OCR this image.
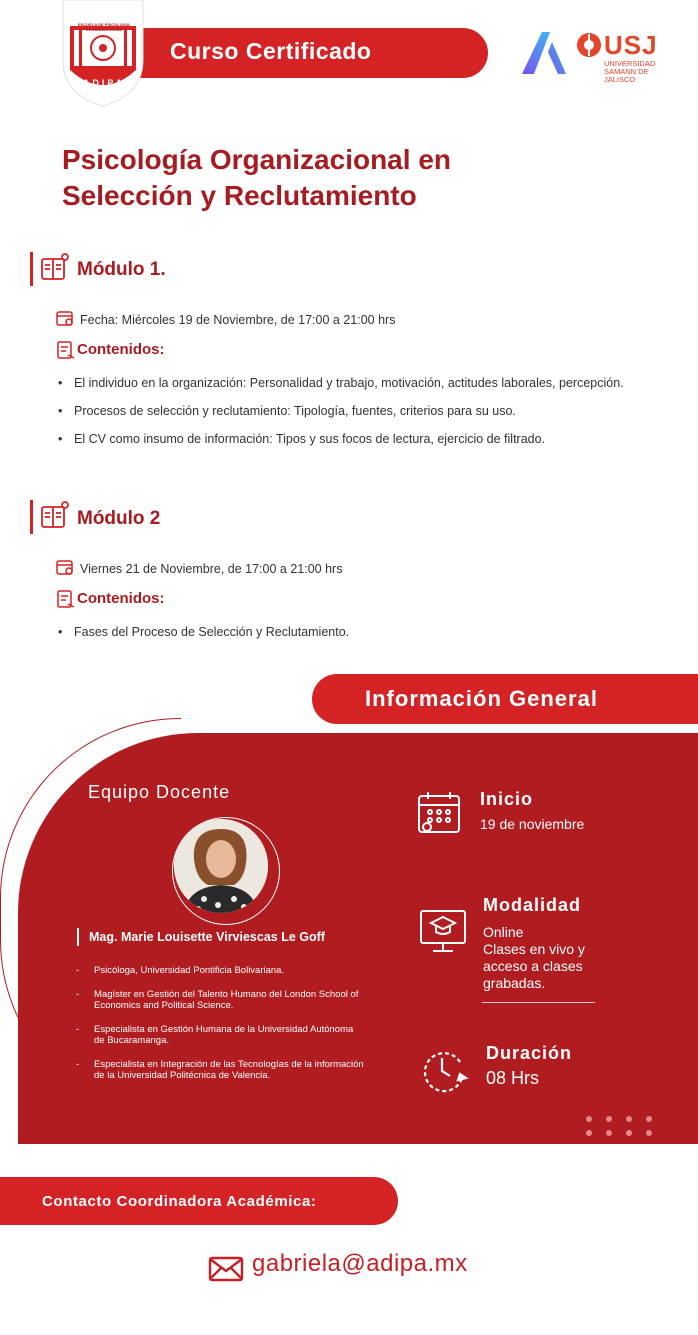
Curso Certificado
ESCUELA DE PSICOLOGÍA ORGANIZACIONAL
ADIPA
USJ
UNIVERSIDAD SAMANN DE JALISCO
Psicología Organizacional en
Selección y Reclutamiento
Módulo 1.
Fecha: Miércoles 19 de Noviembre, de 17:00 a 21:00 hrs
Contenidos:
• El individuo en la organización: Personalidad y trabajo, motivación, actitudes laborales, percepción.
• Procesos de selección y reclutamiento: Tipología, fuentes, criterios para su uso.
• El CV como insumo de información: Tipos y sus focos de lectura, ejercicio de filtrado.
Módulo 2
Viernes 21 de Noviembre, de 17:00 a 21:00 hrs
Contenidos:
• Fases del Proceso de Selección y Reclutamiento.
Información General
Equipo Docente
Mag. Marie Louisette Virviescas Le Goff
- Psicóloga, Universidad Pontificia Bolivariana.
- Magíster en Gestión del Talento Humano del London School of Economics and Political Science.
- Especialista en Gestión Humana de la Universidad Autónoma de Bucaramanga.
- Especialista en Integración de las Tecnologías de la información de la Universidad Politécnica de Valencia.
Inicio
19 de noviembre
Modalidad
Online
Clases en vivo y acceso a clases grabadas.
Duración
08 Hrs
Contacto Coordinadora Académica:
gabriela@adipa.mx
